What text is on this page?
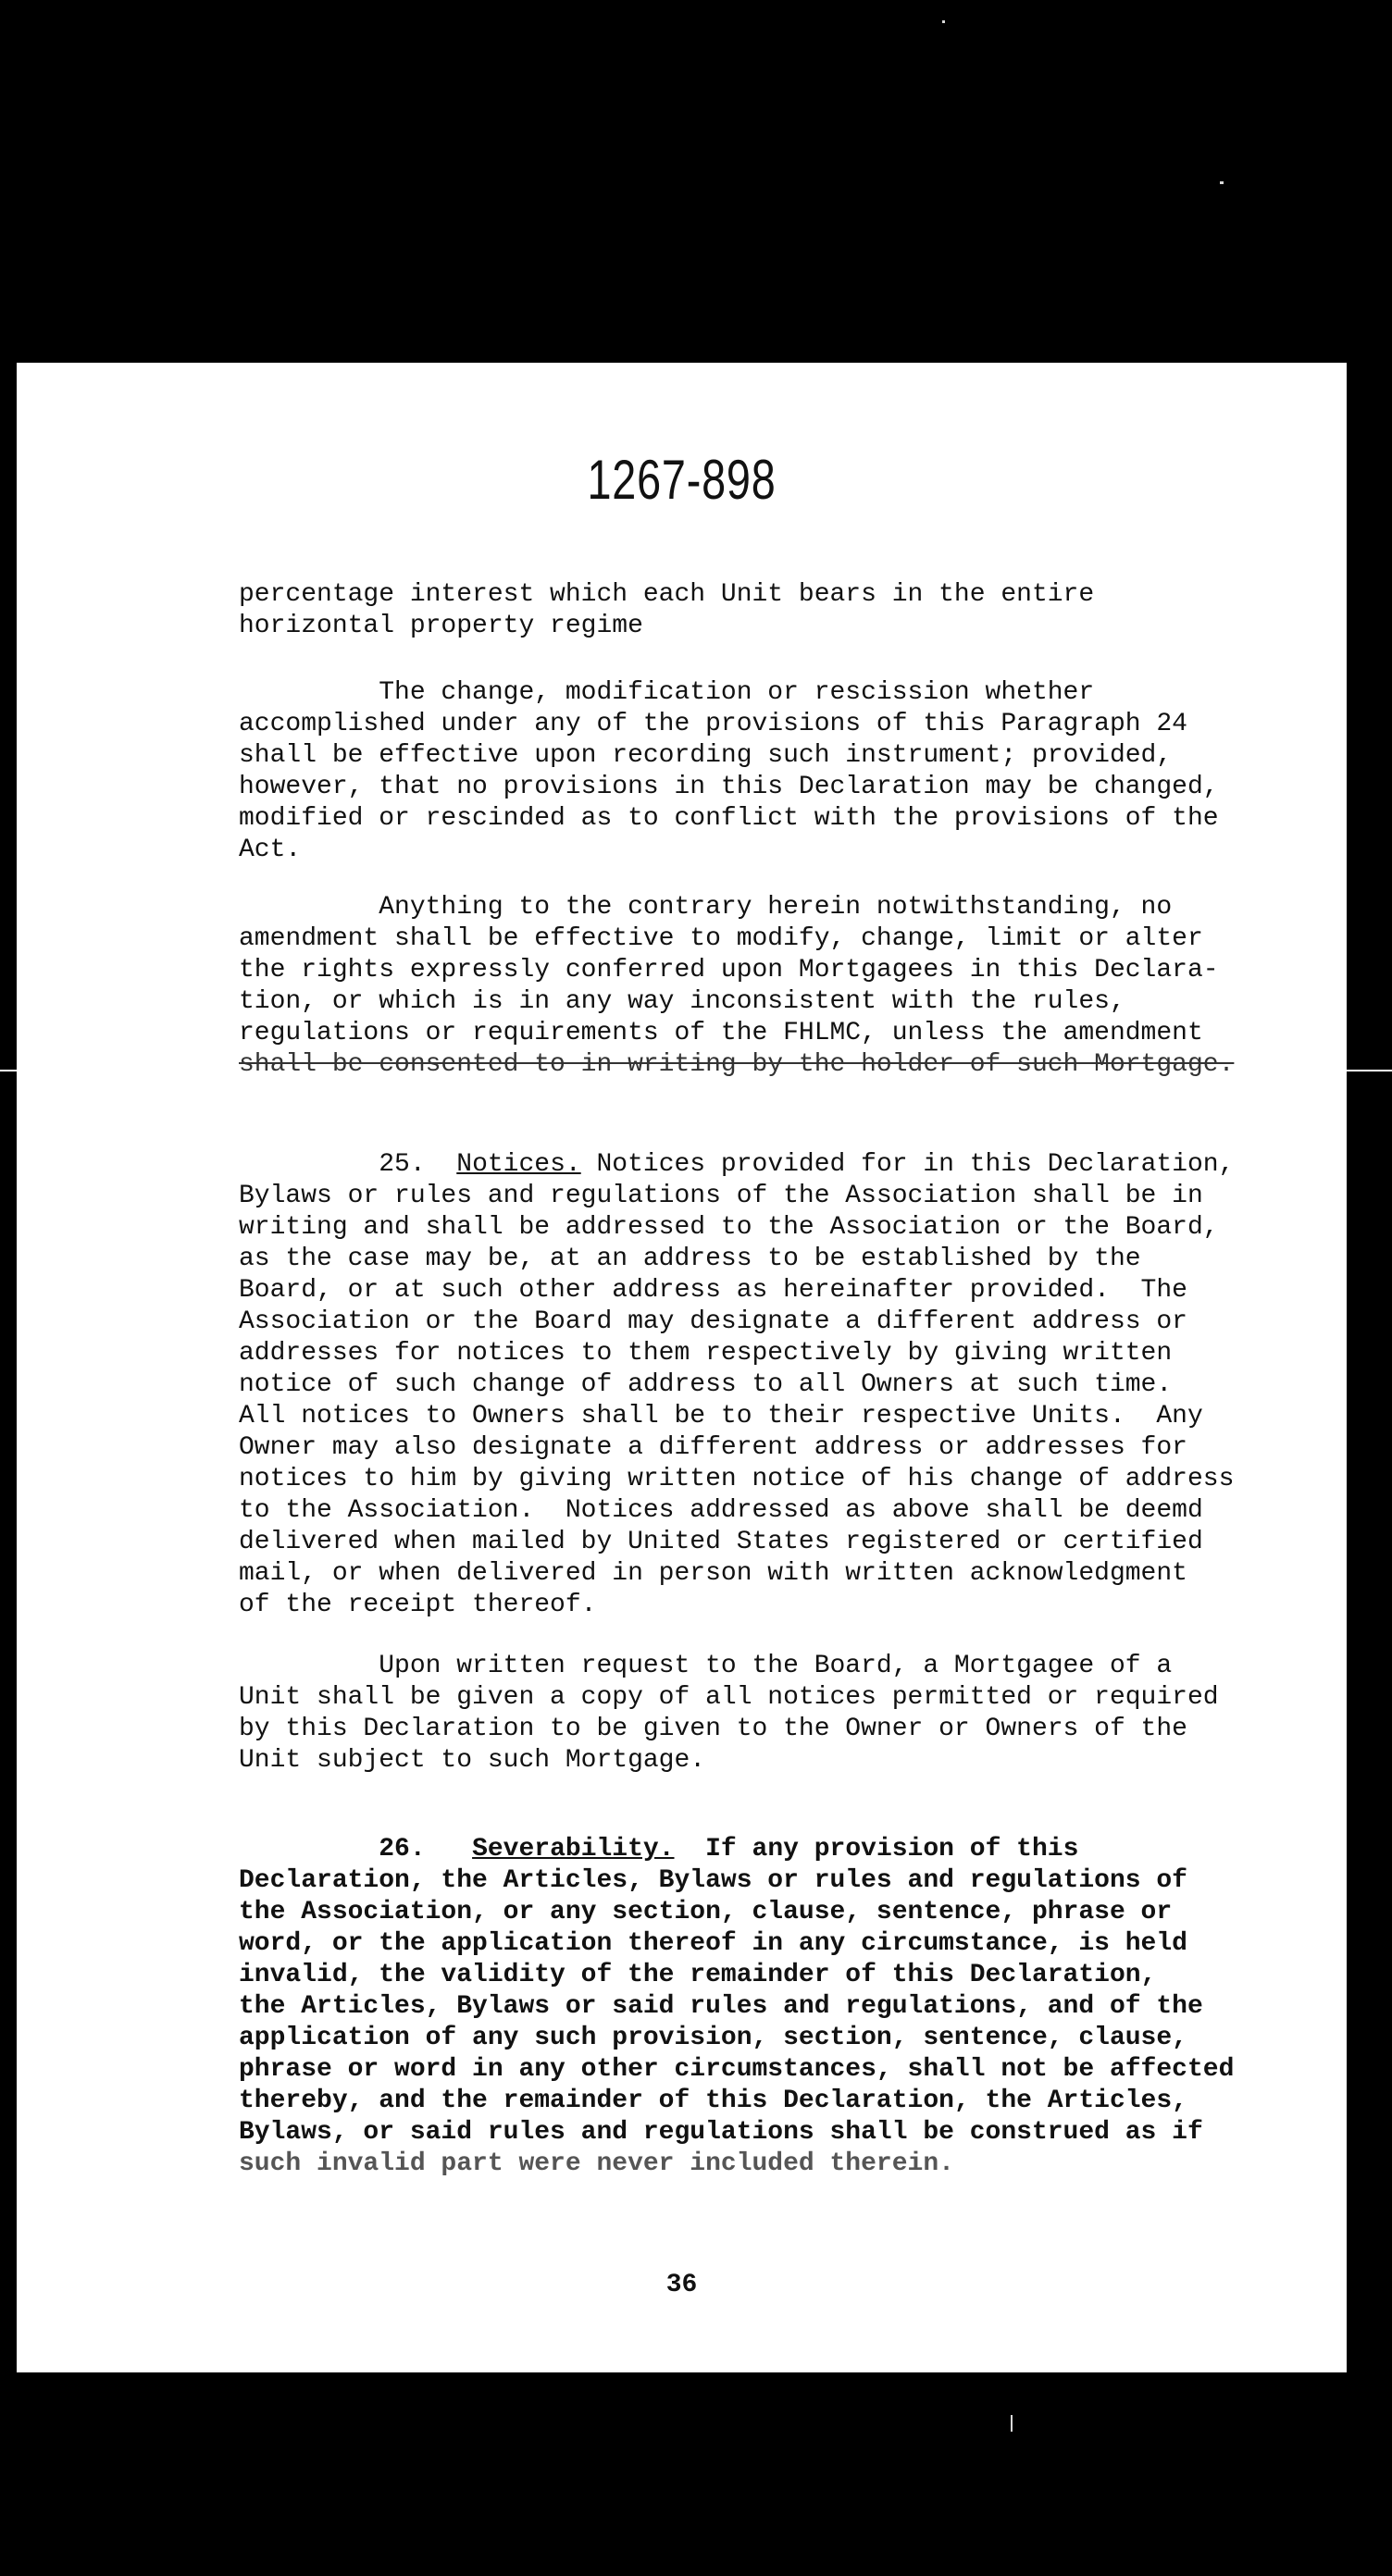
1267-898
percentage interest which each Unit bears in the entire
horizontal property regime
The change, modification or rescission whether
accomplished under any of the provisions of this Paragraph 24
shall be effective upon recording such instrument; provided,
however, that no provisions in this Declaration may be changed,
modified or rescinded as to conflict with the provisions of the
Act.
Anything to the contrary herein notwithstanding, no
amendment shall be effective to modify, change, limit or alter
the rights expressly conferred upon Mortgagees in this Declara-
tion, or which is in any way inconsistent with the rules,
regulations or requirements of the FHLMC, unless the amendment
shall be consented to in writing by the holder of such Mortgage.
25. Notices. Notices provided for in this Declaration,
Bylaws or rules and regulations of the Association shall be in
writing and shall be addressed to the Association or the Board,
as the case may be, at an address to be established by the
Board, or at such other address as hereinafter provided.  The
Association or the Board may designate a different address or
addresses for notices to them respectively by giving written
notice of such change of address to all Owners at such time.
All notices to Owners shall be to their respective Units.  Any
Owner may also designate a different address or addresses for
notices to him by giving written notice of his change of address
to the Association.  Notices addressed as above shall be deemd
delivered when mailed by United States registered or certified
mail, or when delivered in person with written acknowledgment
of the receipt thereof.
Upon written request to the Board, a Mortgagee of a
Unit shall be given a copy of all notices permitted or required
by this Declaration to be given to the Owner or Owners of the
Unit subject to such Mortgage.
26. Severability.  If any provision of this
Declaration, the Articles, Bylaws or rules and regulations of
the Association, or any section, clause, sentence, phrase or
word, or the application thereof in any circumstance, is held
invalid, the validity of the remainder of this Declaration,
the Articles, Bylaws or said rules and regulations, and of the
application of any such provision, section, sentence, clause,
phrase or word in any other circumstances, shall not be affected
thereby, and the remainder of this Declaration, the Articles,
Bylaws, or said rules and regulations shall be construed as if
such invalid part were never included therein.
36
